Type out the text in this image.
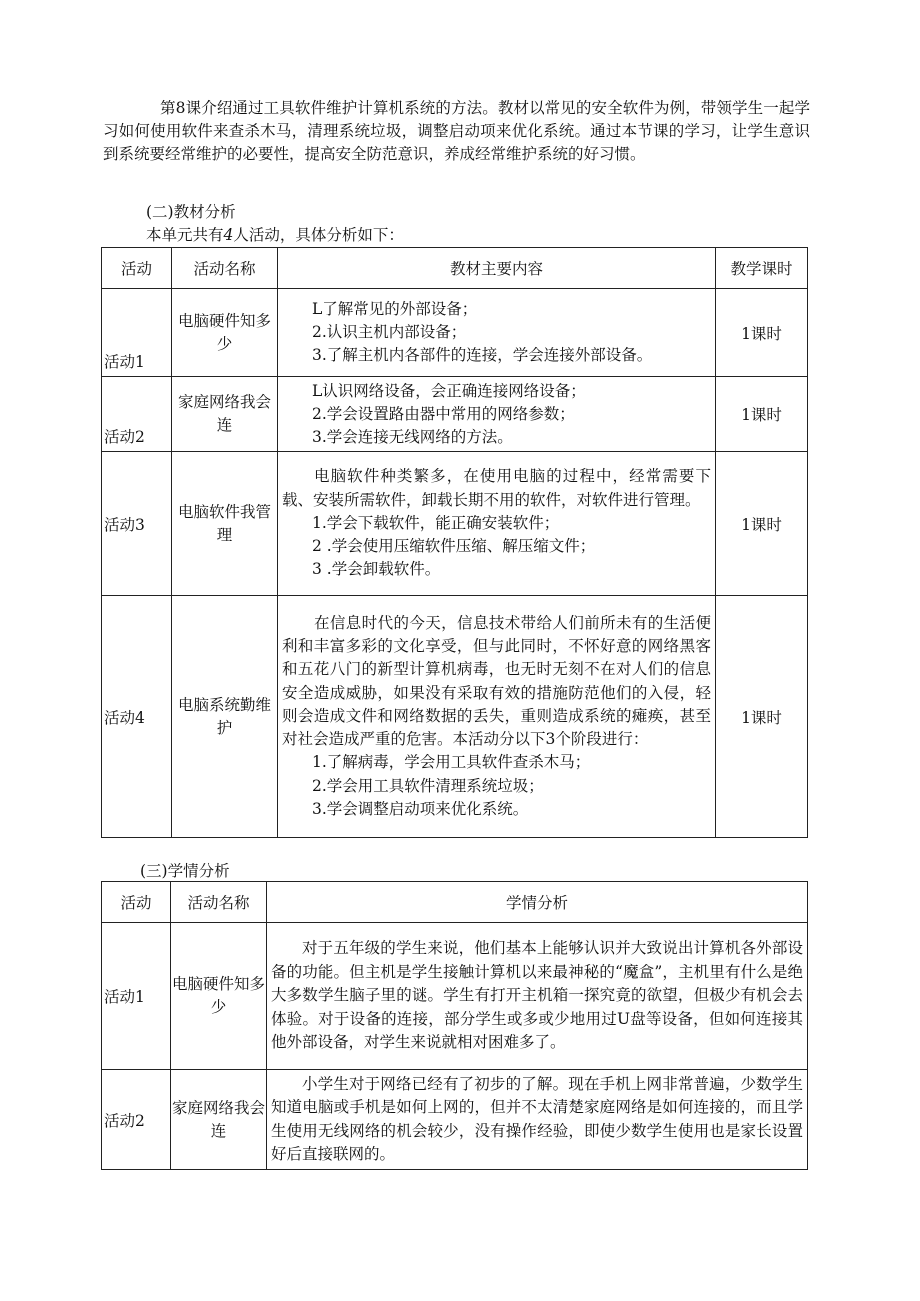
第8课介绍通过工具软件维护计算机系统的方法。教材以常见的安全软件为例，带领学生一起学习如何使用软件来查杀木马，清理系统垃圾，调整启动项来优化系统。通过本节课的学习，让学生意识到系统要经常维护的必要性，提高安全防范意识，养成经常维护系统的好习惯。

(二)教材分析

本单元共有4人活动，具体分析如下：

活动	活动名称	教材主要内容	教学课时
活动1	电脑硬件知多少	L了解常见的外部设备；
2.认识主机内部设备；
3.了解主机内各部件的连接，学会连接外部设备。	1课时
活动2	家庭网络我会连	L认识网络设备，会正确连接网络设备；
2.学会设置路由器中常用的网络参数；
3.学会连接无线网络的方法。	1课时
活动3	电脑软件我管理	电脑软件种类繁多，在使用电脑的过程中，经常需要下载、安装所需软件，卸载长期不用的软件，对软件进行管理。
1.学会下载软件，能正确安装软件；
2 .学会使用压缩软件压缩、解压缩文件；
3 .学会卸载软件。	1课时
活动4	电脑系统勤维护	在信息时代的今天，信息技术带给人们前所未有的生活便利和丰富多彩的文化享受，但与此同时，不怀好意的网络黑客和五花八门的新型计算机病毒，也无时无刻不在对人们的信息安全造成威胁，如果没有采取有效的措施防范他们的入侵，轻则会造成文件和网络数据的丢失，重则造成系统的瘫痪，甚至对社会造成严重的危害。本活动分以下3个阶段进行：
1.了解病毒，学会用工具软件查杀木马；
2.学会用工具软件清理系统垃圾；
3.学会调整启动项来优化系统。	1课时

(三)学情分析

活动	活动名称	学情分析
活动1	电脑硬件知多少	对于五年级的学生来说，他们基本上能够认识并大致说出计算机各外部设备的功能。但主机是学生接触计算机以来最神秘的“魔盒”，主机里有什么是绝大多数学生脑子里的谜。学生有打开主机箱一探究竟的欲望，但极少有机会去体验。对于设备的连接，部分学生或多或少地用过U盘等设备，但如何连接其他外部设备，对学生来说就相对困难多了。
活动2	家庭网络我会连	小学生对于网络已经有了初步的了解。现在手机上网非常普遍，少数学生知道电脑或手机是如何上网的，但并不太清楚家庭网络是如何连接的，而且学生使用无线网络的机会较少，没有操作经验，即使少数学生使用也是家长设置好后直接联网的。
